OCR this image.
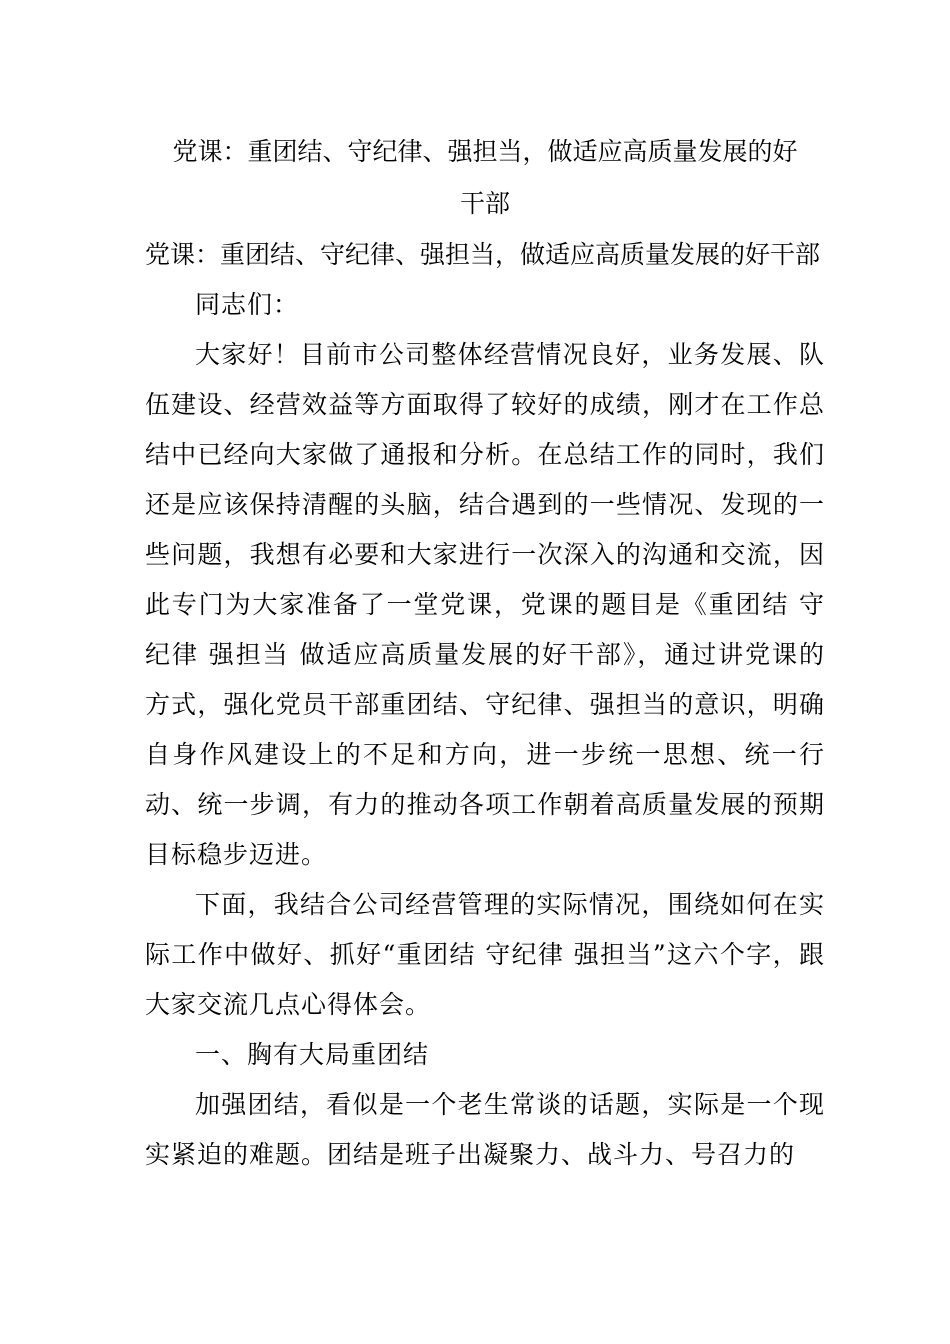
党课：重团结、守纪律、强担当，做适应高质量发展的好
干部
党课：重团结、守纪律、强担当，做适应高质量发展的好干部

同志们：

大家好！目前市公司整体经营情况良好，业务发展、队伍建设、经营效益等方面取得了较好的成绩，刚才在工作总结中已经向大家做了通报和分析。在总结工作的同时，我们还是应该保持清醒的头脑，结合遇到的一些情况、发现的一些问题，我想有必要和大家进行一次深入的沟通和交流，因此专门为大家准备了一堂党课，党课的题目是《重团结 守纪律 强担当 做适应高质量发展的好干部》，通过讲党课的方式，强化党员干部重团结、守纪律、强担当的意识，明确自身作风建设上的不足和方向，进一步统一思想、统一行动、统一步调，有力的推动各项工作朝着高质量发展的预期目标稳步迈进。

下面，我结合公司经营管理的实际情况，围绕如何在实际工作中做好、抓好“重团结 守纪律 强担当”这六个字，跟大家交流几点心得体会。

一、胸有大局重团结

加强团结，看似是一个老生常谈的话题，实际是一个现实紧迫的难题。团结是班子出凝聚力、战斗力、号召力的
